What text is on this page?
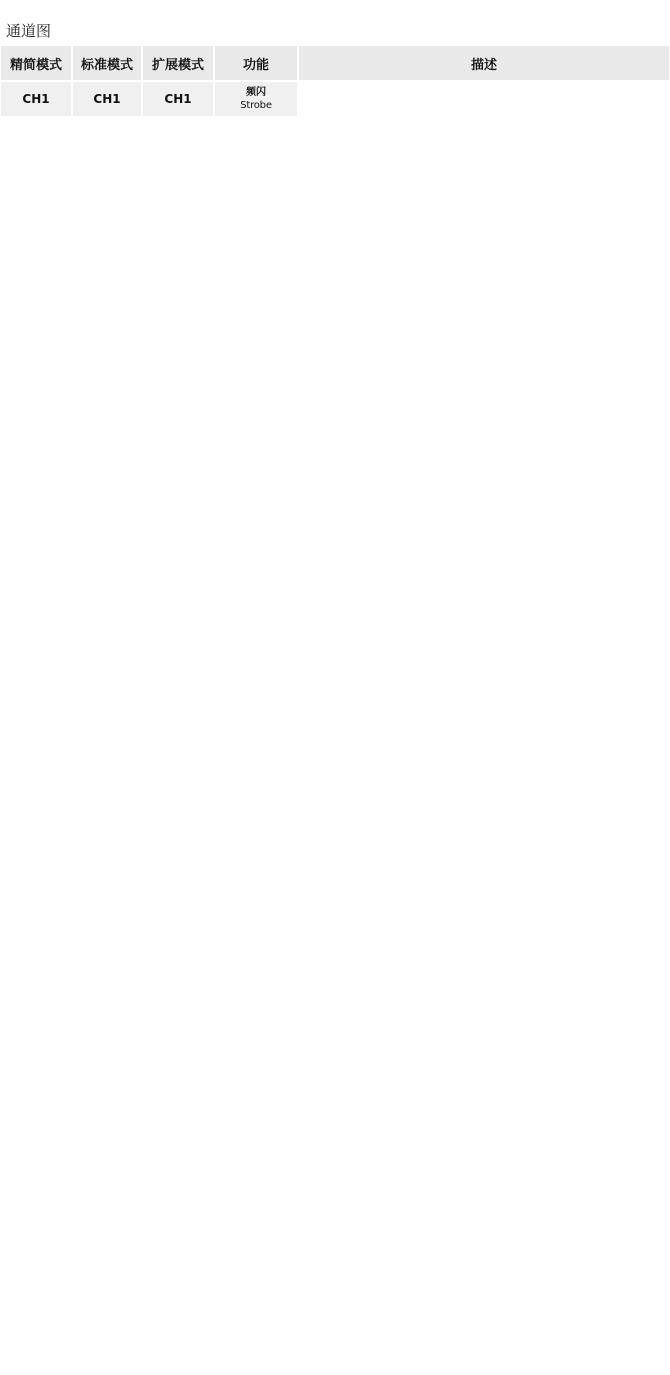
通道图
精简模式	标准模式	扩展模式	功能	描述
CH1	CH1	CH1	频闪
Strobe
